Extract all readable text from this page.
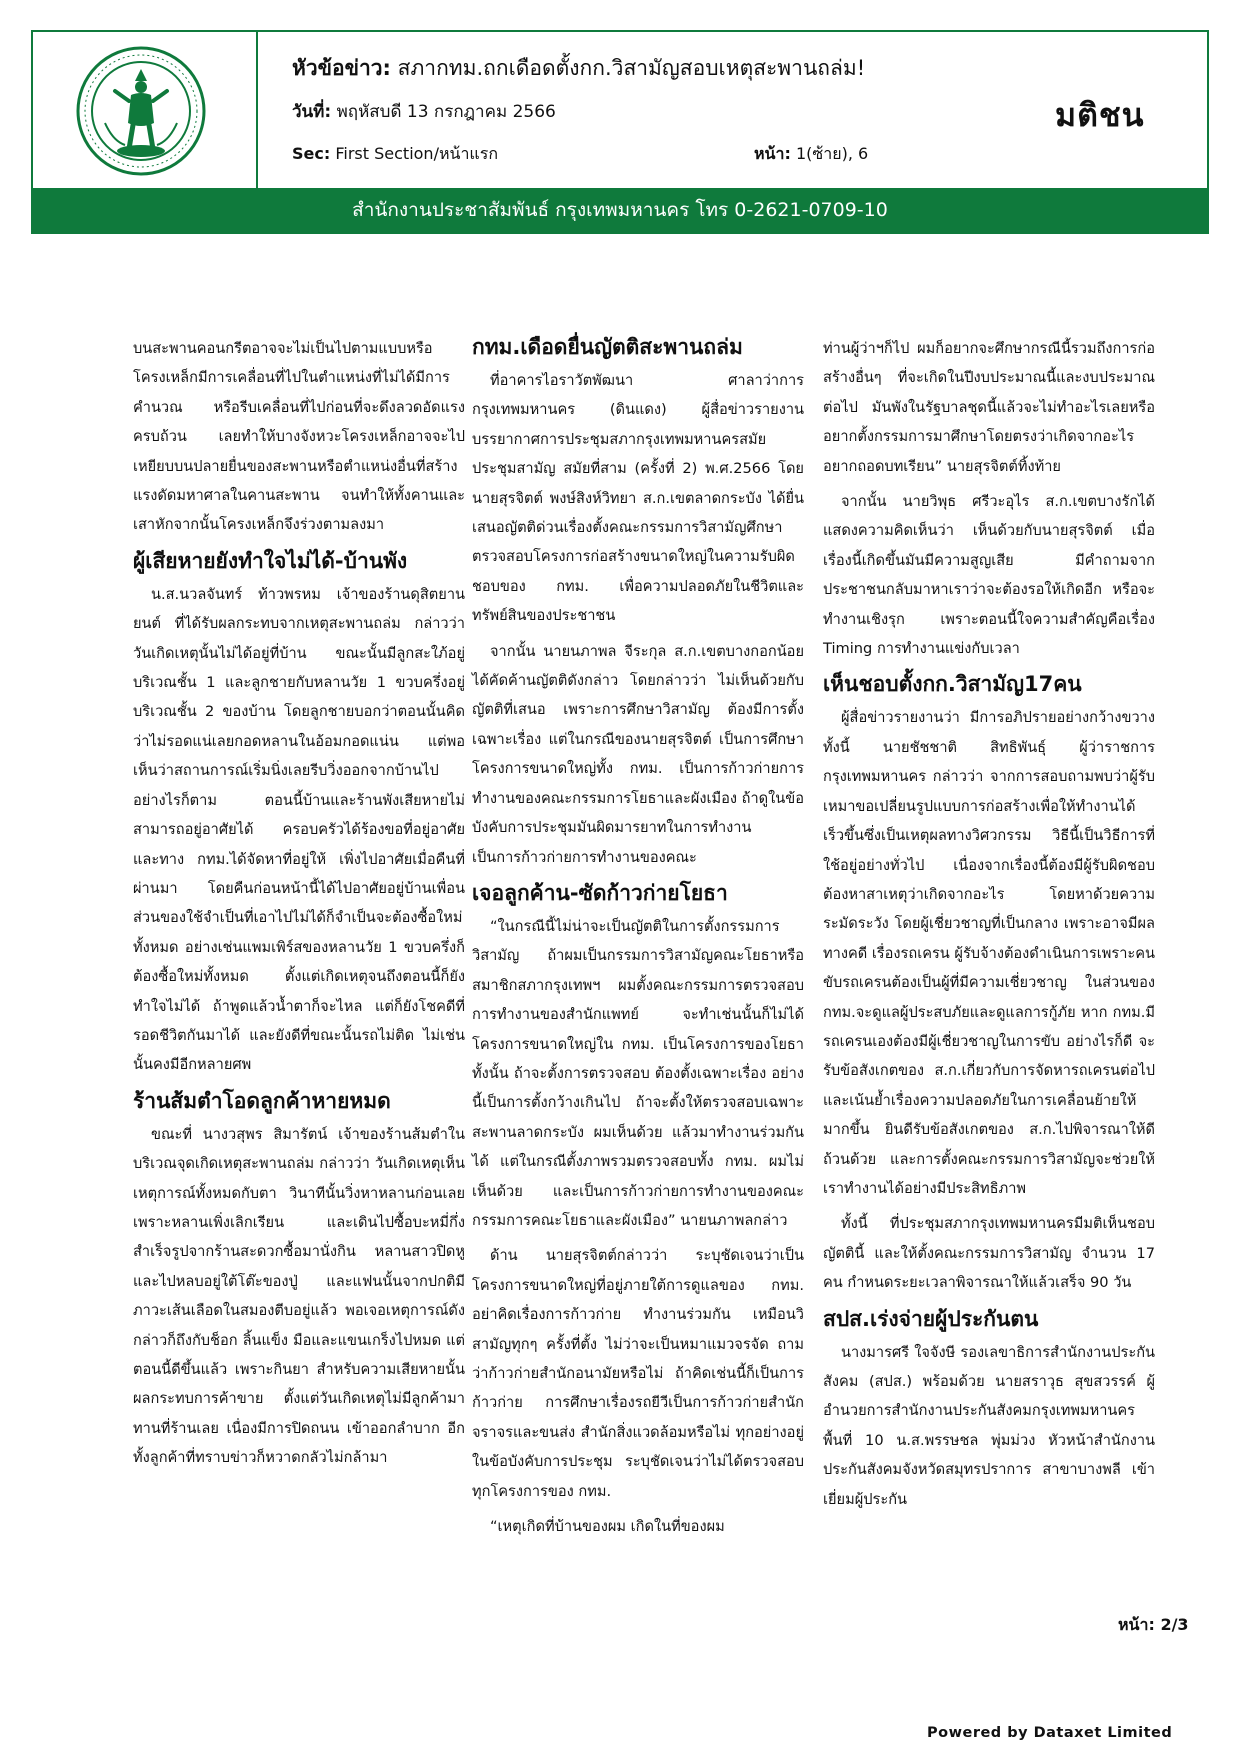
หัวข้อข่าว: สภากทม.ถกเดือดตั้งกก.วิสามัญสอบเหตุสะพานถล่ม!
วันที่: พฤหัสบดี 13 กรกฎาคม 2566
Sec: First Section/หน้าแรก	หน้า: 1(ซ้าย), 6
มติชน
สำนักงานประชาสัมพันธ์ กรุงเทพมหานคร โทร 0-2621-0709-10

บนสะพานคอนกรีตอาจจะไม่เป็นไปตามแบบหรือโครงเหล็กมีการเคลื่อนที่ไปในตำแหน่งที่ไม่ได้มีการคำนวณ หรือรีบเคลื่อนที่ไปก่อนที่จะดึงลวดอัดแรงครบถ้วน เลยทำให้บางจังหวะโครงเหล็กอาจจะไปเหยียบบนปลายยื่นของสะพานหรือตำแหน่งอื่นที่สร้างแรงดัดมหาศาลในคานสะพาน จนทำให้ทั้งคานและเสาหักจากนั้นโครงเหล็กจึงร่วงตามลงมา

ผู้เสียหายยังทำใจไม่ได้-บ้านพัง

น.ส.นวลจันทร์ ท้าวพรหม เจ้าของร้านดุสิตยานยนต์ ที่ได้รับผลกระทบจากเหตุสะพานถล่ม กล่าวว่า วันเกิดเหตุนั้นไม่ได้อยู่ที่บ้าน ขณะนั้นมีลูกสะใภ้อยู่บริเวณชั้น 1 และลูกชายกับหลานวัย 1 ขวบครึ่งอยู่บริเวณชั้น 2 ของบ้าน โดยลูกชายบอกว่าตอนนั้นคิดว่าไม่รอดแน่เลยกอดหลานในอ้อมกอดแน่น แต่พอเห็นว่าสถานการณ์เริ่มนิ่งเลยรีบวิ่งออกจากบ้านไป อย่างไรก็ตาม ตอนนี้บ้านและร้านพังเสียหายไม่สามารถอยู่อาศัยได้ ครอบครัวได้ร้องขอที่อยู่อาศัย และทาง กทม.ได้จัดหาที่อยู่ให้ เพิ่งไปอาศัยเมื่อคืนที่ผ่านมา โดยคืนก่อนหน้านี้ได้ไปอาศัยอยู่บ้านเพื่อน ส่วนของใช้จำเป็นที่เอาไปไม่ได้ก็จำเป็นจะต้องซื้อใหม่ทั้งหมด อย่างเช่นแพมเพิร์สของหลานวัย 1 ขวบครึ่งก็ต้องซื้อใหม่ทั้งหมด ตั้งแต่เกิดเหตุจนถึงตอนนี้ก็ยังทำใจไม่ได้ ถ้าพูดแล้วน้ำตาก็จะไหล แต่ก็ยังโชคดีที่รอดชีวิตกันมาได้ และยังดีที่ขณะนั้นรถไม่ติด ไม่เช่นนั้นคงมีอีกหลายศพ

ร้านส้มตำโอดลูกค้าหายหมด

ขณะที่ นางวสุพร สิมารัตน์ เจ้าของร้านส้มตำในบริเวณจุดเกิดเหตุสะพานถล่ม กล่าวว่า วันเกิดเหตุเห็นเหตุการณ์ทั้งหมดกับตา วินาทีนั้นวิ่งหาหลานก่อนเลย เพราะหลานเพิ่งเลิกเรียน และเดินไปซื้อบะหมี่กึ่งสำเร็จรูปจากร้านสะดวกซื้อมานั่งกิน หลานสาวปิดหูและไปหลบอยู่ใต้โต๊ะของปู่ และแฟนนั้นจากปกติมีภาวะเส้นเลือดในสมองตีบอยู่แล้ว พอเจอเหตุการณ์ดังกล่าวก็ถึงกับช็อก ลิ้นแข็ง มือและแขนเกร็งไปหมด แต่ตอนนี้ดีขึ้นแล้ว เพราะกินยา สำหรับความเสียหายนั้น ผลกระทบการค้าขาย ตั้งแต่วันเกิดเหตุไม่มีลูกค้ามาทานที่ร้านเลย เนื่องมีการปิดถนน เข้าออกลำบาก อีกทั้งลูกค้าที่ทราบข่าวก็หวาดกลัวไม่กล้ามา

กทม.เดือดยื่นญัตติสะพานถล่ม

ที่อาคารไอราวัตพัฒนา ศาลาว่าการกรุงเทพมหานคร (ดินแดง) ผู้สื่อข่าวรายงานบรรยากาศการประชุมสภากรุงเทพมหานครสมัยประชุมสามัญ สมัยที่สาม (ครั้งที่ 2) พ.ศ.2566 โดยนายสุรจิตต์ พงษ์สิงห์วิทยา ส.ก.เขตลาดกระบัง ได้ยื่นเสนอญัตติด่วนเรื่องตั้งคณะกรรมการวิสามัญศึกษา ตรวจสอบโครงการก่อสร้างขนาดใหญ่ในความรับผิดชอบของ กทม. เพื่อความปลอดภัยในชีวิตและทรัพย์สินของประชาชน

จากนั้น นายนภาพล จีระกุล ส.ก.เขตบางกอกน้อย ได้คัดค้านญัตติดังกล่าว โดยกล่าวว่า ไม่เห็นด้วยกับญัตติที่เสนอ เพราะการศึกษาวิสามัญ ต้องมีการตั้งเฉพาะเรื่อง แต่ในกรณีของนายสุรจิตต์ เป็นการศึกษาโครงการขนาดใหญ่ทั้ง กทม. เป็นการก้าวก่ายการทำงานของคณะกรรมการโยธาและผังเมือง ถ้าดูในข้อบังคับการประชุมมันผิดมารยาทในการทำงาน เป็นการก้าวก่ายการทำงานของคณะ

เจอลูกค้าน-ซัดก้าวก่ายโยธา

“ในกรณีนี้ไม่น่าจะเป็นญัตติในการตั้งกรรมการวิสามัญ ถ้าผมเป็นกรรมการวิสามัญคณะโยธาหรือสมาชิกสภากรุงเทพฯ ผมตั้งคณะกรรมการตรวจสอบการทำงานของสำนักแพทย์ จะทำเช่นนั้นก็ไม่ได้ โครงการขนาดใหญ่ใน กทม. เป็นโครงการของโยธาทั้งนั้น ถ้าจะตั้งการตรวจสอบ ต้องตั้งเฉพาะเรื่อง อย่างนี้เป็นการตั้งกว้างเกินไป ถ้าจะตั้งให้ตรวจสอบเฉพาะสะพานลาดกระบัง ผมเห็นด้วย แล้วมาทำงานร่วมกันได้ แต่ในกรณีตั้งภาพรวมตรวจสอบทั้ง กทม. ผมไม่เห็นด้วย และเป็นการก้าวก่ายการทำงานของคณะกรรมการคณะโยธาและผังเมือง” นายนภาพลกล่าว

ด้าน นายสุรจิตต์กล่าวว่า ระบุชัดเจนว่าเป็นโครงการขนาดใหญ่ที่อยู่ภายใต้การดูแลของ กทม. อย่าคิดเรื่องการก้าวก่าย ทำงานร่วมกัน เหมือนวิสามัญทุกๆ ครั้งที่ตั้ง ไม่ว่าจะเป็นหมาแมวจรจัด ถามว่าก้าวก่ายสำนักอนามัยหรือไม่ ถ้าคิดเช่นนี้ก็เป็นการก้าวก่าย การศึกษาเรื่องรถยีวีเป็นการก้าวก่ายสำนักจราจรและขนส่ง สำนักสิ่งแวดล้อมหรือไม่ ทุกอย่างอยู่ในข้อบังคับการประชุม ระบุชัดเจนว่าไม่ได้ตรวจสอบทุกโครงการของ กทม.

“เหตุเกิดที่บ้านของผม เกิดในที่ของผม

ท่านผู้ว่าฯก็ไป ผมก็อยากจะศึกษากรณีนี้รวมถึงการก่อสร้างอื่นๆ ที่จะเกิดในปีงบประมาณนี้และงบประมาณต่อไป มันพังในรัฐบาลชุดนี้แล้วจะไม่ทำอะไรเลยหรือ อยากตั้งกรรมการมาศึกษาโดยตรงว่าเกิดจากอะไร อยากถอดบทเรียน” นายสุรจิตต์ทิ้งท้าย

จากนั้น นายวิพุธ ศรีวะอุไร ส.ก.เขตบางรักได้แสดงความคิดเห็นว่า เห็นด้วยกับนายสุรจิตต์ เมื่อเรื่องนี้เกิดขึ้นมันมีความสูญเสีย มีคำถามจากประชาชนกลับมาหาเราว่าจะต้องรอให้เกิดอีก หรือจะทำงานเชิงรุก เพราะตอนนี้ใจความสำคัญคือเรื่อง Timing การทำงานแข่งกับเวลา

เห็นชอบตั้งกก.วิสามัญ17คน

ผู้สื่อข่าวรายงานว่า มีการอภิปรายอย่างกว้างขวาง ทั้งนี้ นายชัชชาติ สิทธิพันธุ์ ผู้ว่าราชการกรุงเทพมหานคร กล่าวว่า จากการสอบถามพบว่าผู้รับเหมาขอเปลี่ยนรูปแบบการก่อสร้างเพื่อให้ทำงานได้เร็วขึ้นซึ่งเป็นเหตุผลทางวิศวกรรม วิธีนี้เป็นวิธีการที่ใช้อยู่อย่างทั่วไป เนื่องจากเรื่องนี้ต้องมีผู้รับผิดชอบ ต้องหาสาเหตุว่าเกิดจากอะไร โดยหาด้วยความระมัดระวัง โดยผู้เชี่ยวชาญที่เป็นกลาง เพราะอาจมีผลทางคดี เรื่องรถเครน ผู้รับจ้างต้องดำเนินการเพราะคนขับรถเครนต้องเป็นผู้ที่มีความเชี่ยวชาญ ในส่วนของ กทม.จะดูแลผู้ประสบภัยและดูแลการกู้ภัย หาก กทม.มีรถเครนเองต้องมีผู้เชี่ยวชาญในการขับ อย่างไรก็ดี จะรับข้อสังเกตของ ส.ก.เกี่ยวกับการจัดหารถเครนต่อไป และเน้นย้ำเรื่องความปลอดภัยในการเคลื่อนย้ายให้มากขึ้น ยินดีรับข้อสังเกตของ ส.ก.ไปพิจารณาให้ดีถ้วนด้วย และการตั้งคณะกรรมการวิสามัญจะช่วยให้เราทำงานได้อย่างมีประสิทธิภาพ

ทั้งนี้ ที่ประชุมสภากรุงเทพมหานครมีมติเห็นชอบญัตตินี้ และให้ตั้งคณะกรรมการวิสามัญ จำนวน 17 คน กำหนดระยะเวลาพิจารณาให้แล้วเสร็จ 90 วัน

สปส.เร่งจ่ายผู้ประกันตน

นางมารศรี ใจจังษี รองเลขาธิการสำนักงานประกันสังคม (สปส.) พร้อมด้วย นายสราวุธ สุขสวรรค์ ผู้อำนวยการสำนักงานประกันสังคมกรุงเทพมหานคร พื้นที่ 10 น.ส.พรรษชล พุ่มม่วง หัวหน้าสำนักงานประกันสังคมจังหวัดสมุทรปราการ สาขาบางพลี เข้าเยี่ยมผู้ประกัน

หน้า: 2/3
Powered by Dataxet Limited
